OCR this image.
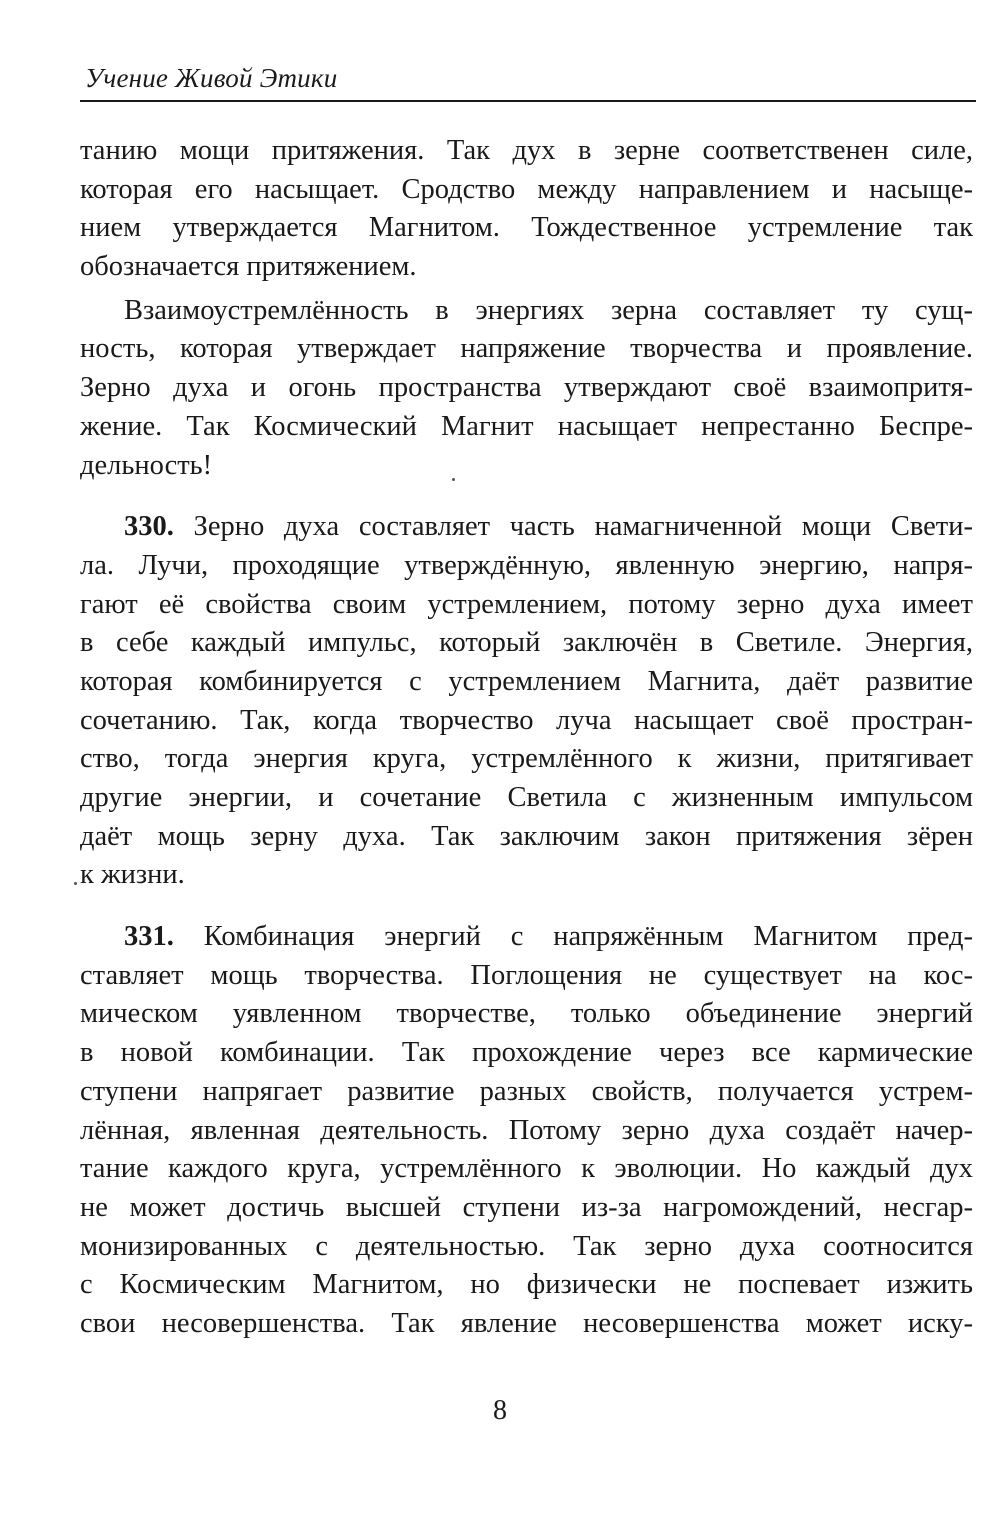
Учение Живой Этики
танию мощи притяжения. Так дух в зерне соответственен силе,
которая его насыщает. Сродство между направлением и насыще-
нием утверждается Магнитом. Тождественное устремление так
обозначается притяжением.
Взаимоустремлённость в энергиях зерна составляет ту сущ-
ность, которая утверждает напряжение творчества и проявление.
Зерно духа и огонь пространства утверждают своё взаимопритя-
жение. Так Космический Магнит насыщает непрестанно Беспре-
дельность!
330. Зерно духа составляет часть намагниченной мощи Свети-
ла. Лучи, проходящие утверждённую, явленную энергию, напря-
гают её свойства своим устремлением, потому зерно духа имеет
в себе каждый импульс, который заключён в Светиле. Энергия,
которая комбинируется с устремлением Магнита, даёт развитие
сочетанию. Так, когда творчество луча насыщает своё простран-
ство, тогда энергия круга, устремлённого к жизни, притягивает
другие энергии, и сочетание Светила с жизненным импульсом
даёт мощь зерну духа. Так заключим закон притяжения зёрен
к жизни.
331. Комбинация энергий с напряжённым Магнитом пред-
ставляет мощь творчества. Поглощения не существует на кос-
мическом уявленном творчестве, только объединение энергий
в новой комбинации. Так прохождение через все кармические
ступени напрягает развитие разных свойств, получается устрем-
лённая, явленная деятельность. Потому зерно духа создаёт начер-
тание каждого круга, устремлённого к эволюции. Но каждый дух
не может достичь высшей ступени из-за нагромождений, несгар-
монизированных с деятельностью. Так зерно духа соотносится
с Космическим Магнитом, но физически не поспевает изжить
свои несовершенства. Так явление несовершенства может иску-

8
